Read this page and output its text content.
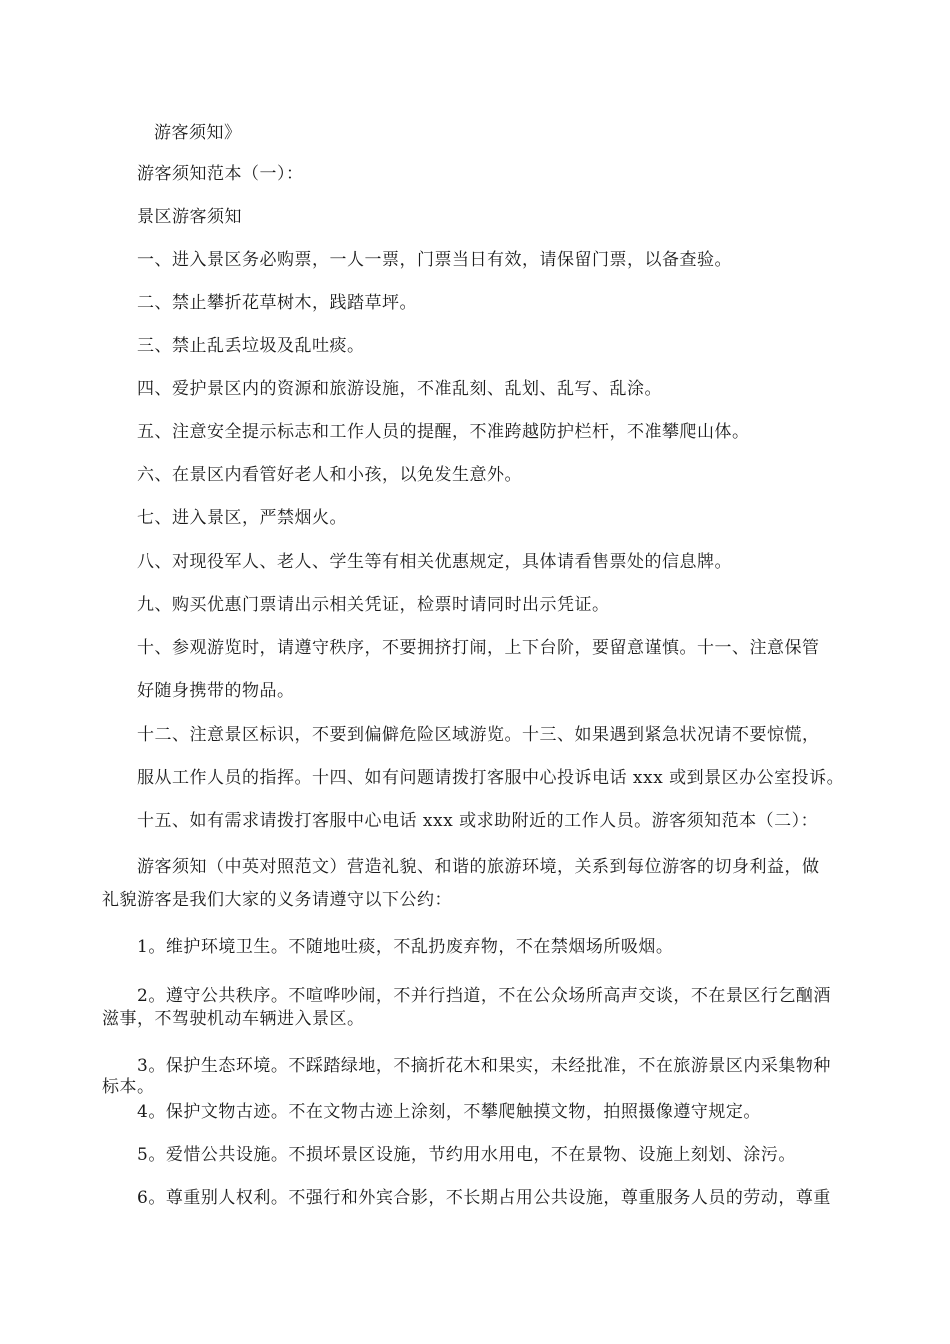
游客须知》

游客须知范本（一）：

景区游客须知

一、进入景区务必购票，一人一票，门票当日有效，请保留门票，以备查验。

二、禁止攀折花草树木，践踏草坪。

三、禁止乱丢垃圾及乱吐痰。

四、爱护景区内的资源和旅游设施，不准乱刻、乱划、乱写、乱涂。

五、注意安全提示标志和工作人员的提醒，不准跨越防护栏杆，不准攀爬山体。

六、在景区内看管好老人和小孩，以免发生意外。

七、进入景区，严禁烟火。

八、对现役军人、老人、学生等有相关优惠规定，具体请看售票处的信息牌。

九、购买优惠门票请出示相关凭证，检票时请同时出示凭证。

十、参观游览时，请遵守秩序，不要拥挤打闹，上下台阶，要留意谨慎。十一、注意保管

好随身携带的物品。

十二、注意景区标识，不要到偏僻危险区域游览。十三、如果遇到紧急状况请不要惊慌，

服从工作人员的指挥。十四、如有问题请拨打客服中心投诉电话 xxx 或到景区办公室投诉。

十五、如有需求请拨打客服中心电话 xxx 或求助附近的工作人员。游客须知范本（二）：

游客须知（中英对照范文）营造礼貌、和谐的旅游环境，关系到每位游客的切身利益，做

礼貌游客是我们大家的义务请遵守以下公约：

1。维护环境卫生。不随地吐痰，不乱扔废弃物，不在禁烟场所吸烟。

2。遵守公共秩序。不喧哗吵闹，不并行挡道，不在公众场所高声交谈，不在景区行乞酗酒

滋事，不驾驶机动车辆进入景区。

3。保护生态环境。不踩踏绿地，不摘折花木和果实，未经批准，不在旅游景区内采集物种

标本。

4。保护文物古迹。不在文物古迹上涂刻，不攀爬触摸文物，拍照摄像遵守规定。

5。爱惜公共设施。不损坏景区设施，节约用水用电，不在景物、设施上刻划、涂污。

6。尊重别人权利。不强行和外宾合影，不长期占用公共设施，尊重服务人员的劳动，尊重
